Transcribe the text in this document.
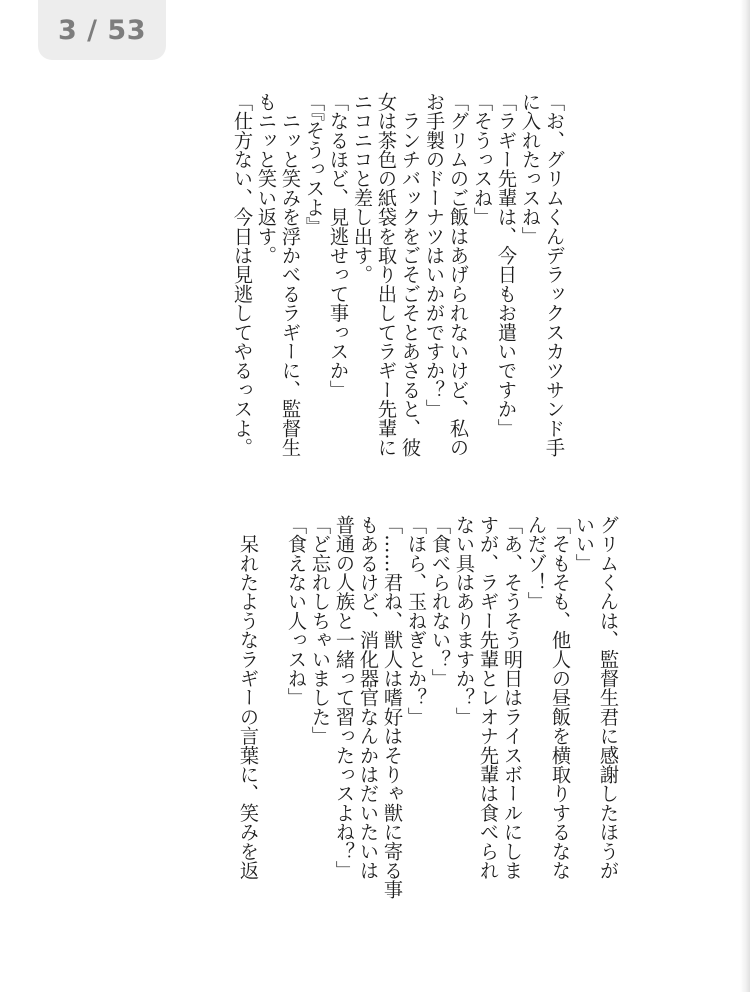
3 / 53
「お、グリムくんデラックスカツサンド手
に入れたっスね」
「ラギー先輩は、今日もお遣いですか」
「そうっスね」
「グリムのご飯はあげられないけど、私の
お手製のドーナツはいかがですか？」
　ランチバックをごそごそとあさると、彼
女は茶色の紙袋を取り出してラギー先輩に
ニコニコと差し出す。
「なるほど、見逃せって事っスか」
「『そうっスよ』
　ニッと笑みを浮かべるラギーに、監督生
もニッと笑い返す。
「仕方ない、今日は見逃してやるっスよ。
グリムくんは、監督生君に感謝したほうが
いい」
「そもそも、他人の昼飯を横取りするなな
んだゾ！」
「あ、そうそう明日はライスボールにしま
すが、ラギー先輩とレオナ先輩は食べられ
ない具はありますか？」
「食べられない？」
「ほら、玉ねぎとか？」
「……君ね、獣人は嗜好はそりゃ獣に寄る事
もあるけど、消化器官なんかはだいたいは
普通の人族と一緒って習ったっスよね？」
「ど忘れしちゃいました」
「食えない人っスね」
　呆れたようなラギーの言葉に、笑みを返
